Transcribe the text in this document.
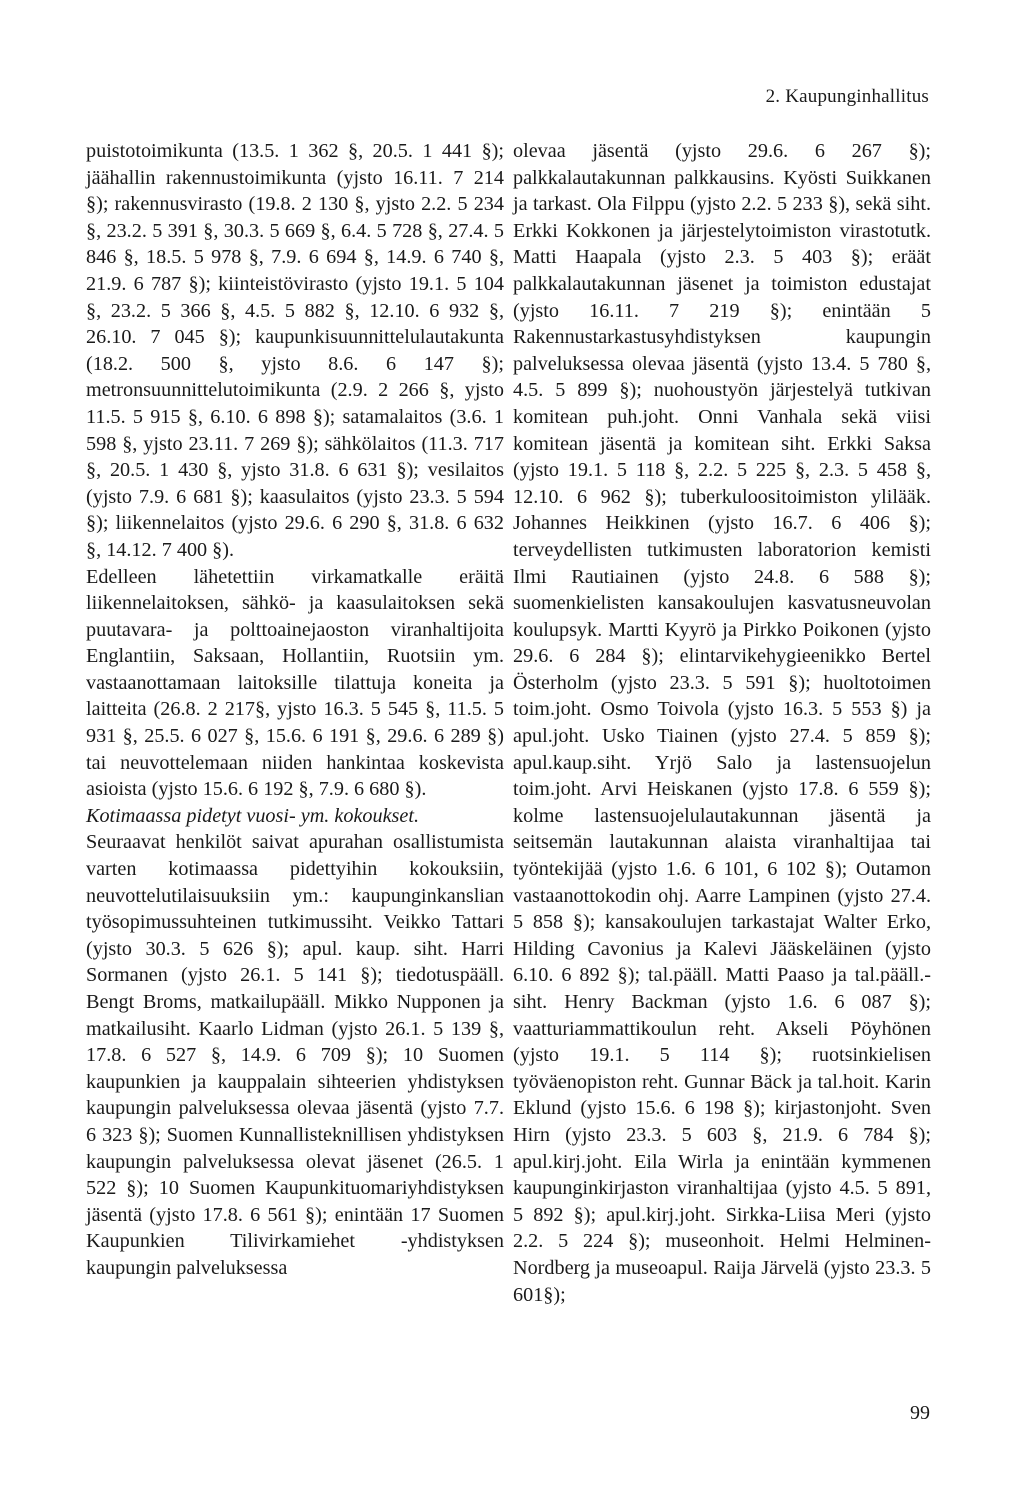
2. Kaupunginhallitus

puistotoimikunta (13.5. 1 362 §, 20.5. 1 441 §); jäähallin rakennustoimikunta (yjsto 16.11. 7 214 §); rakennusvirasto (19.8. 2 130 §, yjsto 2.2. 5 234 §, 23.2. 5 391 §, 30.3. 5 669 §, 6.4. 5 728 §, 27.4. 5 846 §, 18.5. 5 978 §, 7.9. 6 694 §, 14.9. 6 740 §, 21.9. 6 787 §); kiinteistövirasto (yjsto 19.1. 5 104 §, 23.2. 5 366 §, 4.5. 5 882 §, 12.10. 6 932 §, 26.10. 7 045 §); kaupunkisuunnittelulautakunta (18.2. 500 §, yjsto 8.6. 6 147 §); metronsuunnittelutoimikunta (2.9. 2 266 §, yjsto 11.5. 5 915 §, 6.10. 6 898 §); satamalaitos (3.6. 1 598 §, yjsto 23.11. 7 269 §); sähkölaitos (11.3. 717 §, 20.5. 1 430 §, yjsto 31.8. 6 631 §); vesilaitos (yjsto 7.9. 6 681 §); kaasulaitos (yjsto 23.3. 5 594 §); liikennelaitos (yjsto 29.6. 6 290 §, 31.8. 6 632 §, 14.12. 7 400 §).

Edelleen lähetettiin virkamatkalle eräitä liikennelaitoksen, sähkö- ja kaasulaitoksen sekä puutavara- ja polttoainejaoston viranhaltijoita Englantiin, Saksaan, Hollantiin, Ruotsiin ym. vastaanottamaan laitoksille tilattuja koneita ja laitteita (26.8. 2 217§, yjsto 16.3. 5 545 §, 11.5. 5 931 §, 25.5. 6 027 §, 15.6. 6 191 §, 29.6. 6 289 §) tai neuvottelemaan niiden hankintaa koskevista asioista (yjsto 15.6. 6 192 §, 7.9. 6 680 §).

Kotimaassa pidetyt vuosi- ym. kokoukset.

Seuraavat henkilöt saivat apurahan osallistumista varten kotimaassa pidettyihin kokouksiin, neuvottelutilaisuuksiin ym.: kaupunginkanslian työsopimussuhteinen tutkimussiht. Veikko Tattari (yjsto 30.3. 5 626 §); apul. kaup. siht. Harri Sormanen (yjsto 26.1. 5 141 §); tiedotuspääll. Bengt Broms, matkailupääll. Mikko Nupponen ja matkailusiht. Kaarlo Lidman (yjsto 26.1. 5 139 §, 17.8. 6 527 §, 14.9. 6 709 §); 10 Suomen kaupunkien ja kauppalain sihteerien yhdistyksen kaupungin palveluksessa olevaa jäsentä (yjsto 7.7. 6 323 §); Suomen Kunnallisteknillisen yhdistyksen kaupungin palveluksessa olevat jäsenet (26.5. 1 522 §); 10 Suomen Kaupunkituomariyhdistyksen jäsentä (yjsto 17.8. 6 561 §); enintään 17 Suomen Kaupunkien Tilivirkamiehet -yhdistyksen kaupungin palveluksessa

olevaa jäsentä (yjsto 29.6. 6 267 §); palkkalautakunnan palkkausins. Kyösti Suikkanen ja tarkast. Ola Filppu (yjsto 2.2. 5 233 §), sekä siht. Erkki Kokkonen ja järjestelytoimiston virastotutk. Matti Haapala (yjsto 2.3. 5 403 §); eräät palkkalautakunnan jäsenet ja toimiston edustajat (yjsto 16.11. 7 219 §); enintään 5 Rakennustarkastusyhdistyksen kaupungin palveluksessa olevaa jäsentä (yjsto 13.4. 5 780 §, 4.5. 5 899 §); nuohoustyön järjestelyä tutkivan komitean puh.joht. Onni Vanhala sekä viisi komitean jäsentä ja komitean siht. Erkki Saksa (yjsto 19.1. 5 118 §, 2.2. 5 225 §, 2.3. 5 458 §, 12.10. 6 962 §); tuberkuloositoimiston ylilääk. Johannes Heikkinen (yjsto 16.7. 6 406 §); terveydellisten tutkimusten laboratorion kemisti Ilmi Rautiainen (yjsto 24.8. 6 588 §); suomenkielisten kansakoulujen kasvatusneuvolan koulupsyk. Martti Kyyrö ja Pirkko Poikonen (yjsto 29.6. 6 284 §); elintarvikehygieenikko Bertel Österholm (yjsto 23.3. 5 591 §); huoltotoimen toim.joht. Osmo Toivola (yjsto 16.3. 5 553 §) ja apul.joht. Usko Tiainen (yjsto 27.4. 5 859 §); apul.kaup.siht. Yrjö Salo ja lastensuojelun toim.joht. Arvi Heiskanen (yjsto 17.8. 6 559 §); kolme lastensuojelulautakunnan jäsentä ja seitsemän lautakunnan alaista viranhaltijaa tai työntekijää (yjsto 1.6. 6 101, 6 102 §); Outamon vastaanottokodin ohj. Aarre Lampinen (yjsto 27.4. 5 858 §); kansakoulujen tarkastajat Walter Erko, Hilding Cavonius ja Kalevi Jääskeläinen (yjsto 6.10. 6 892 §); tal.pääll. Matti Paaso ja tal.pääll.-siht. Henry Backman (yjsto 1.6. 6 087 §); vaatturiammattikoulun reht. Akseli Pöyhönen (yjsto 19.1. 5 114 §); ruotsinkielisen työväenopiston reht. Gunnar Bäck ja tal.hoit. Karin Eklund (yjsto 15.6. 6 198 §); kirjastonjoht. Sven Hirn (yjsto 23.3. 5 603 §, 21.9. 6 784 §); apul.kirj.joht. Eila Wirla ja enintään kymmenen kaupunginkirjaston viranhaltijaa (yjsto 4.5. 5 891, 5 892 §); apul.kirj.joht. Sirkka-Liisa Meri (yjsto 2.2. 5 224 §); museonhoit. Helmi Helminen-Nordberg ja museoapul. Raija Järvelä (yjsto 23.3. 5 601§);

99
